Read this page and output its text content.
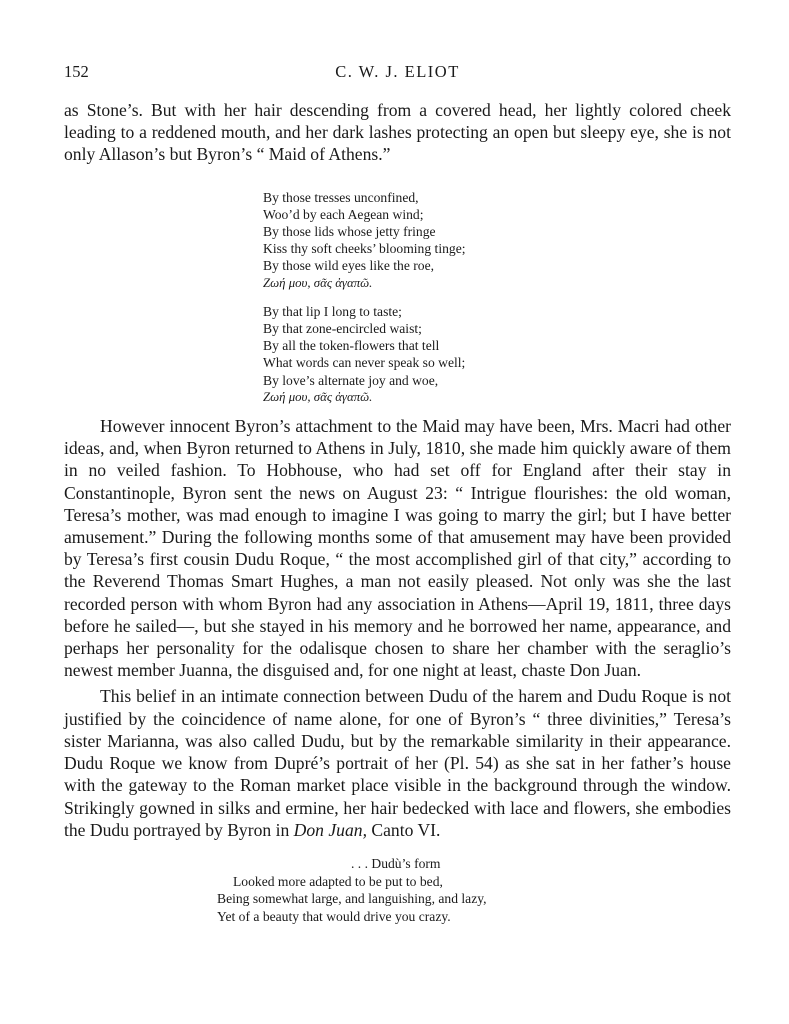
152	C. W. J. ELIOT

as Stone’s. But with her hair descending from a covered head, her lightly colored cheek leading to a reddened mouth, and her dark lashes protecting an open but sleepy eye, she is not only Allason’s but Byron’s “ Maid of Athens.”

By those tresses unconfined,
Woo’d by each Aegean wind;
By those lids whose jetty fringe
Kiss thy soft cheeks’ blooming tinge;
By those wild eyes like the roe,
Ζωή μου, σᾶς ἀγαπῶ.
By that lip I long to taste;
By that zone-encircled waist;
By all the token-flowers that tell
What words can never speak so well;
By love’s alternate joy and woe,
Ζωή μου, σᾶς ἀγαπῶ.

However innocent Byron’s attachment to the Maid may have been, Mrs. Macri had other ideas, and, when Byron returned to Athens in July, 1810, she made him quickly aware of them in no veiled fashion. To Hobhouse, who had set off for England after their stay in Constantinople, Byron sent the news on August 23: “ Intrigue flourishes: the old woman, Teresa’s mother, was mad enough to imagine I was going to marry the girl; but I have better amusement.” During the following months some of that amusement may have been provided by Teresa’s first cousin Dudu Roque, “ the most accomplished girl of that city,” according to the Reverend Thomas Smart Hughes, a man not easily pleased. Not only was she the last recorded person with whom Byron had any association in Athens—April 19, 1811, three days before he sailed—, but she stayed in his memory and he borrowed her name, appearance, and perhaps her personality for the odalisque chosen to share her chamber with the seraglio’s newest member Juanna, the disguised and, for one night at least, chaste Don Juan.

This belief in an intimate connection between Dudu of the harem and Dudu Roque is not justified by the coincidence of name alone, for one of Byron’s “ three divinities,” Teresa’s sister Marianna, was also called Dudu, but by the remarkable similarity in their appearance. Dudu Roque we know from Dupré’s portrait of her (Pl. 54) as she sat in her father’s house with the gateway to the Roman market place visible in the background through the window. Strikingly gowned in silks and ermine, her hair bedecked with lace and flowers, she embodies the Dudu portrayed by Byron in Don Juan, Canto VI.

. . . Dudù’s form
Looked more adapted to be put to bed,
Being somewhat large, and languishing, and lazy,
Yet of a beauty that would drive you crazy.
